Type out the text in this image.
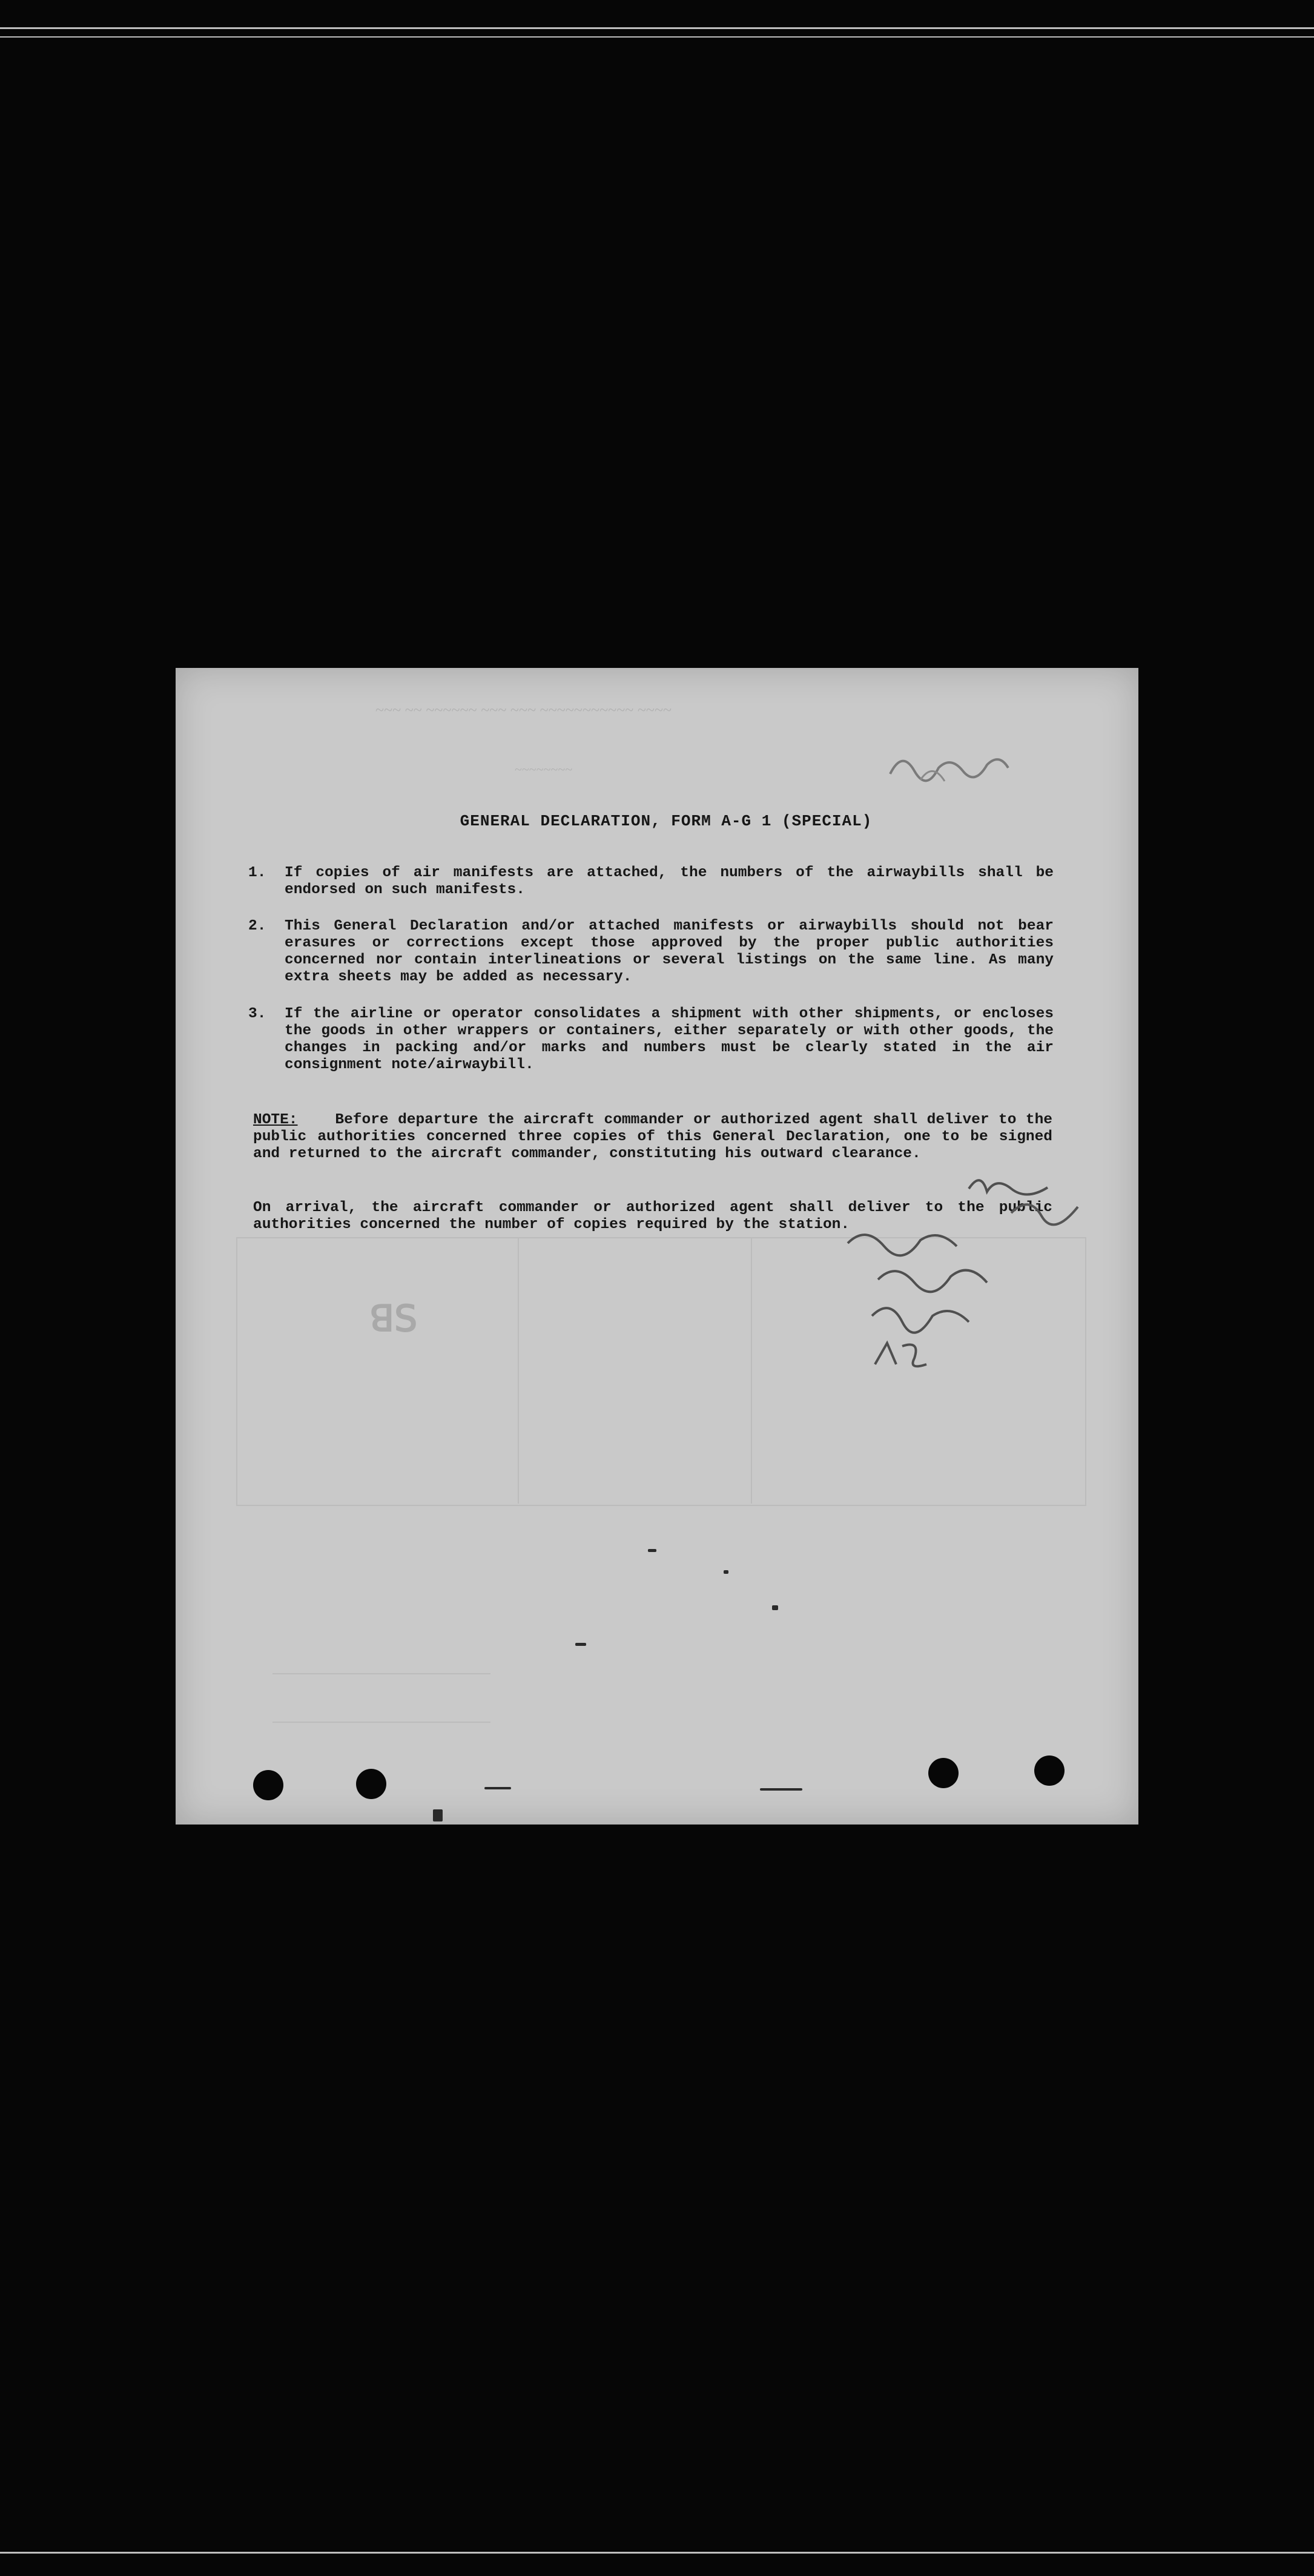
~~~ ~~ ~~~~~~ ~~~ ~~~ ~~~~~~~~~~~ ~~~~
~~~~~~~~
ꓭꓢ
GENERAL DECLARATION, FORM A-G 1 (SPECIAL)
1.	If copies of air manifests are attached, the numbers of the airwaybills shall be endorsed on such manifests.
2.	This General Declaration and/or attached manifests or airwaybills should not bear erasures or corrections except those approved by the proper public authorities concerned nor contain interlineations or several listings on the same line. As many extra sheets may be added as necessary.
3.	If the airline or operator consolidates a shipment with other shipments, or encloses the goods in other wrappers or containers, either separately or with other goods, the changes in packing and/or marks and numbers must be clearly stated in the air consignment note/airwaybill.
NOTE:	Before departure the aircraft commander or authorized agent shall deliver to the public authorities concerned three copies of this General Declaration, one to be signed and returned to the aircraft commander, constituting his outward clearance.
On arrival, the aircraft commander or authorized agent shall deliver to the public authorities concerned the number of copies required by the station.
